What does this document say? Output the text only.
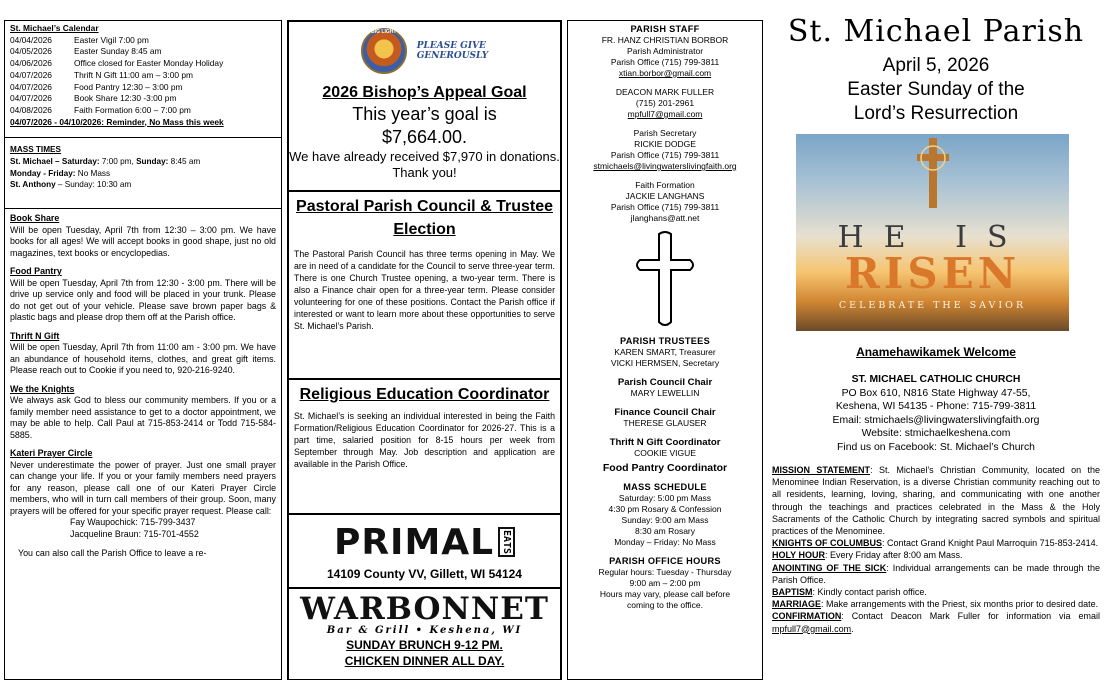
St. Michael’s Calendar
04/04/2026	Easter Vigil 7:00 pm
04/05/2026	Easter Sunday 8:45 am
04/06/2026	Office closed for Easter Monday Holiday
04/07/2026	Thrift N Gift 11:00 am – 3:00 pm
04/07/2026	Food Pantry 12:30 – 3:00 pm
04/07/2026	Book Share 12:30 -3:00 pm
04/08/2026	Faith Formation 6:00 – 7:00 pm
04/07/2026 - 04/10/2026: Reminder, No Mass this week
MASS TIMES
St. Michael – Saturday: 7:00 pm, Sunday: 8:45 am
Monday - Friday: No Mass
St. Anthony – Sunday: 10:30 am
Book Share
Will be open Tuesday, April 7th from 12:30 – 3:00 pm. We have books for all ages! We will accept books in good shape, just no old magazines, text books or encyclopedias.
Food Pantry
Will be open Tuesday, April 7th from 12:30 - 3:00 pm. There will be drive up service only and food will be placed in your trunk. Please do not get out of your vehicle. Please save brown paper bags & plastic bags and please drop them off at the Parish office.
Thrift N Gift
Will be open Tuesday, April 7th from 11:00 am - 3:00 pm. We have an abundance of household items, clothes, and great gift items. Please reach out to Cookie if you need to, 920-216-9240.
We the Knights
We always ask God to bless our community members. If you or a family member need assistance to get to a doctor appointment, we may be able to help. Call Paul at 715-853-2414 or Todd 715-584-5885.
Kateri Prayer Circle
Never underestimate the power of prayer. Just one small prayer can change your life. If you or your family members need prayers for any reason, please call one of our Kateri Prayer Circle members, who will in turn call members of their group. Soon, many prayers will be offered for your specific prayer request. Please call:
Fay Waupochick: 715-799-3437
Jacqueline Braun: 715-701-4552
You can also call the Parish Office to leave a re-
BIG LIGHT
PLEASE GIVE
GENEROUSLY
2026 Bishop’s Appeal Goal
This year’s goal is
$7,664.00.
We have already received $7,970 in donations. Thank you!
Pastoral Parish Council & Trustee Election
The Pastoral Parish Council has three terms opening in May. We are in need of a candidate for the Council to serve three-year term. There is one Church Trustee opening, a two-year term. There is also a Finance chair open for a three-year term. Please consider volunteering for one of these positions. Contact the Parish office if interested or want to learn more about these opportunities to serve St. Michael’s Parish.
Religious Education Coordinator
St. Michael’s is seeking an individual interested in being the Faith Formation/Religious Education Coordinator for 2026-27. This is a part time, salaried position for 8-15 hours per week from September through May. Job description and application are available in the Parish Office.
PRIMAL EATS
14109 County VV, Gillett, WI 54124
WARBONNET
Bar & Grill • Keshena, WI
SUNDAY BRUNCH 9-12 PM.
CHICKEN DINNER ALL DAY.
PARISH STAFF
FR. HANZ CHRISTIAN BORBOR
Parish Administrator
Parish Office (715) 799-3811
xtian.borbor@gmail.com
DEACON MARK FULLER
(715) 201-2961
mpfull7@gmail.com
Parish Secretary
RICKIE DODGE
Parish Office (715) 799-3811
stmichaels@livingwaterslivingfaith.org
Faith Formation
JACKIE LANGHANS
Parish Office (715) 799-3811
jlanghans@att.net
PARISH TRUSTEES
KAREN SMART, Treasurer
VICKI HERMSEN, Secretary
Parish Council Chair
MARY LEWELLIN
Finance Council Chair
THERESE GLAUSER
Thrift N Gift Coordinator
COOKIE VIGUE
Food Pantry Coordinator
MASS SCHEDULE
Saturday: 5:00 pm Mass
4:30 pm Rosary & Confession
Sunday: 9:00 am Mass
8:30 am Rosary
Monday – Friday: No Mass
PARISH OFFICE HOURS
Regular hours: Tuesday - Thursday
9:00 am – 2:00 pm
Hours may vary, please call before
coming to the office.
St. Michael Parish
April 5, 2026
Easter Sunday of the
Lord’s Resurrection
HE IS
RISEN
CELEBRATE THE SAVIOR
Anamehawikamek Welcome
ST. MICHAEL CATHOLIC CHURCH
PO Box 610, N816 State Highway 47-55,
Keshena, WI 54135 - Phone: 715-799-3811
Email: stmichaels@livingwaterslivingfaith.org
Website: stmichaelkeshena.com
Find us on Facebook: St. Michael’s Church
MISSION STATEMENT: St. Michael’s Christian Community, located on the Menominee Indian Reservation, is a diverse Christian community reaching out to all residents, learning, loving, sharing, and communicating with one another through the teachings and practices celebrated in the Mass & the Holy Sacraments of the Catholic Church by integrating sacred symbols and spiritual practices of the Menominee.
KNIGHTS OF COLUMBUS: Contact Grand Knight Paul Marroquin 715-853-2414.
HOLY HOUR: Every Friday after 8:00 am Mass.
ANOINTING OF THE SICK: Individual arrangements can be made through the Parish Office.
BAPTISM: Kindly contact parish office.
MARRIAGE: Make arrangements with the Priest, six months prior to desired date.
CONFIRMATION: Contact Deacon Mark Fuller for information via email mpfull7@gmail.com.
